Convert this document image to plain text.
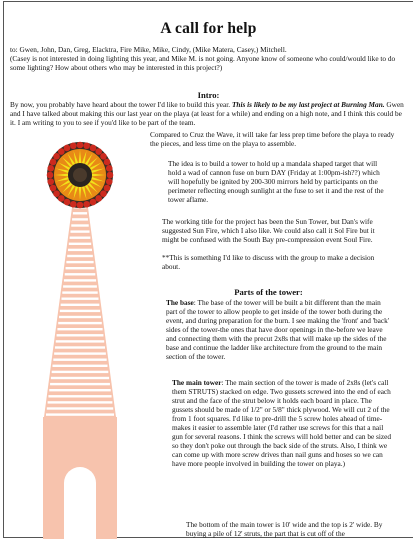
A call for help
to: Gwen, John, Dan, Greg, Elacktra, Fire Mike, Mike, Cindy, (Mike Matera, Casey,) Mitchell.
(Casey is not interested in doing lighting this year, and Mike M. is not going. Anyone know of someone who could/would like to do some lighting? How about others who may be interested in this project?)
Intro:
By now, you probably have heard about the tower I'd like to build this year. This is likely to be my last project at Burning Man. Gwen and I have talked about making this our last year on the playa (at least for a while) and ending on a high note, and I think this could be it. I am writing to you to see if you'd like to be part of the team.
Compared to Cruz the Wave, it will take far less prep time before the playa to ready the pieces, and less time on the playa to assemble.
The idea is to build a tower to hold up a mandala shaped target that will hold a wad of cannon fuse on burn DAY (Friday at 1:00pm-ish??) which will hopefully be ignited by 200-300 mirrors held by participants on the perimeter reflecting enough sunlight at the fuse to set it and the rest of the tower aflame.
The working title for the project has been the Sun Tower, but Dan's wife suggested Sun Fire, which I also like. We could also call it Sol Fire but it might be confused with the South Bay pre-compression event Soul Fire.
**This is something I'd like to discuss with the group to make a decision about.
Parts of the tower:
The base: The base of the tower will be built a bit different than the main part of the tower to allow people to get inside of the tower both during the event, and during preparation for the burn. I see making the 'front' and 'back' sides of the tower-the ones that have door openings in the-before we leave and connecting them with the precut 2x8s that will make up the sides of the base and continue the ladder like architecture from the ground to the main section of the tower.
The main tower: The main section of the tower is made of 2x8s (let's call them STRUTS) stacked on edge. Two gussets screwed into the end of each strut and the face of the strut below it holds each board in place. The gussets should be made of 1/2" or 5/8" thick plywood. We will cut 2 of the from 1 foot squares. I'd like to pre-drill the 5 screw holes ahead of time-makes it easier to assemble later (I'd rather use screws for this that a nail gun for several reasons. I think the screws will hold better and can be sized so they don't poke out through the back side of the struts. Also, I think we can come up with more screw drives than nail guns and hoses so we can have more people involved in building the tower on playa.)
The bottom of the main tower is 10' wide and the top is 2' wide. By buying a pile of 12' struts, the part that is cut off of the
